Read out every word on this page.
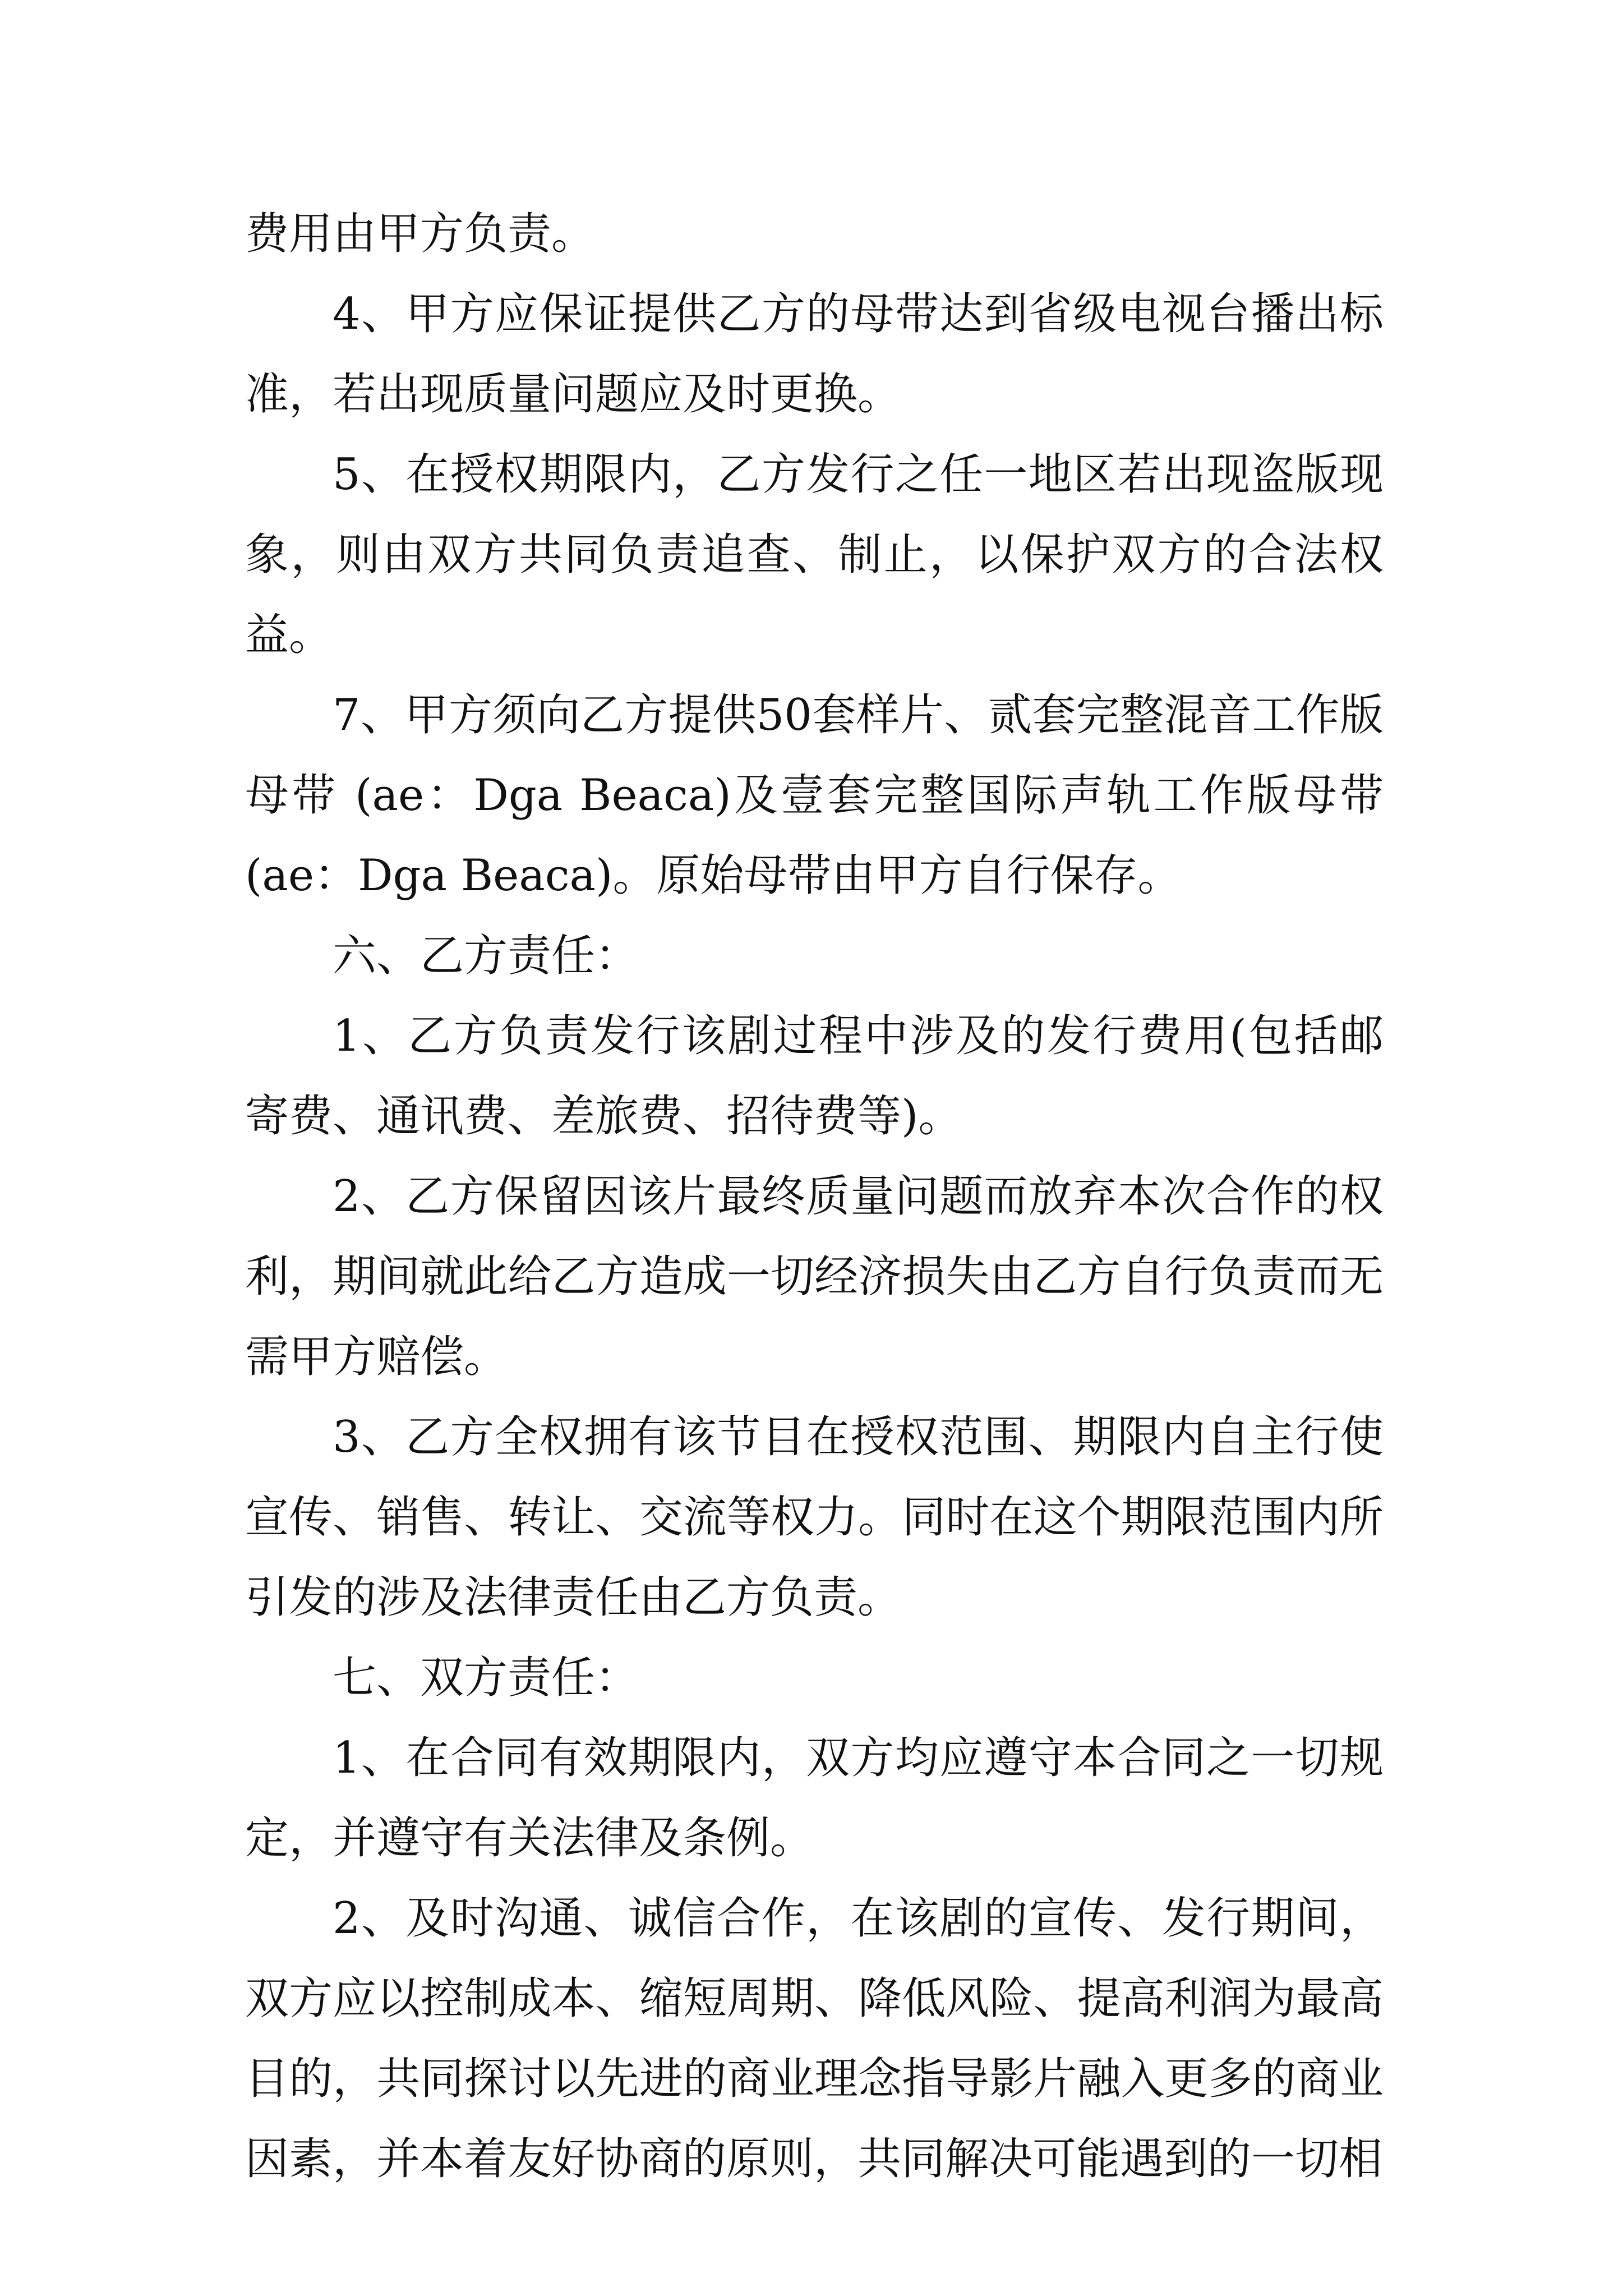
费用由甲方负责。

4、甲方应保证提供乙方的母带达到省级电视台播出标准，若出现质量问题应及时更换。

5、在授权期限内，乙方发行之任一地区若出现盗版现象，则由双方共同负责追查、制止，以保护双方的合法权益。

7、甲方须向乙方提供50套样片、贰套完整混音工作版母带 (ae：Dga Beaca)及壹套完整国际声轨工作版母带(ae：Dga Beaca)。原始母带由甲方自行保存。

六、乙方责任：

1、乙方负责发行该剧过程中涉及的发行费用(包括邮寄费、通讯费、差旅费、招待费等)。

2、乙方保留因该片最终质量问题而放弃本次合作的权利，期间就此给乙方造成一切经济损失由乙方自行负责而无需甲方赔偿。

3、乙方全权拥有该节目在授权范围、期限内自主行使宣传、销售、转让、交流等权力。同时在这个期限范围内所引发的涉及法律责任由乙方负责。

七、双方责任：

1、在合同有效期限内，双方均应遵守本合同之一切规定，并遵守有关法律及条例。

2、及时沟通、诚信合作，在该剧的宣传、发行期间，双方应以控制成本、缩短周期、降低风险、提高利润为最高目的，共同探讨以先进的商业理念指导影片融入更多的商业因素，并本着友好协商的原则，共同解决可能遇到的一切相
